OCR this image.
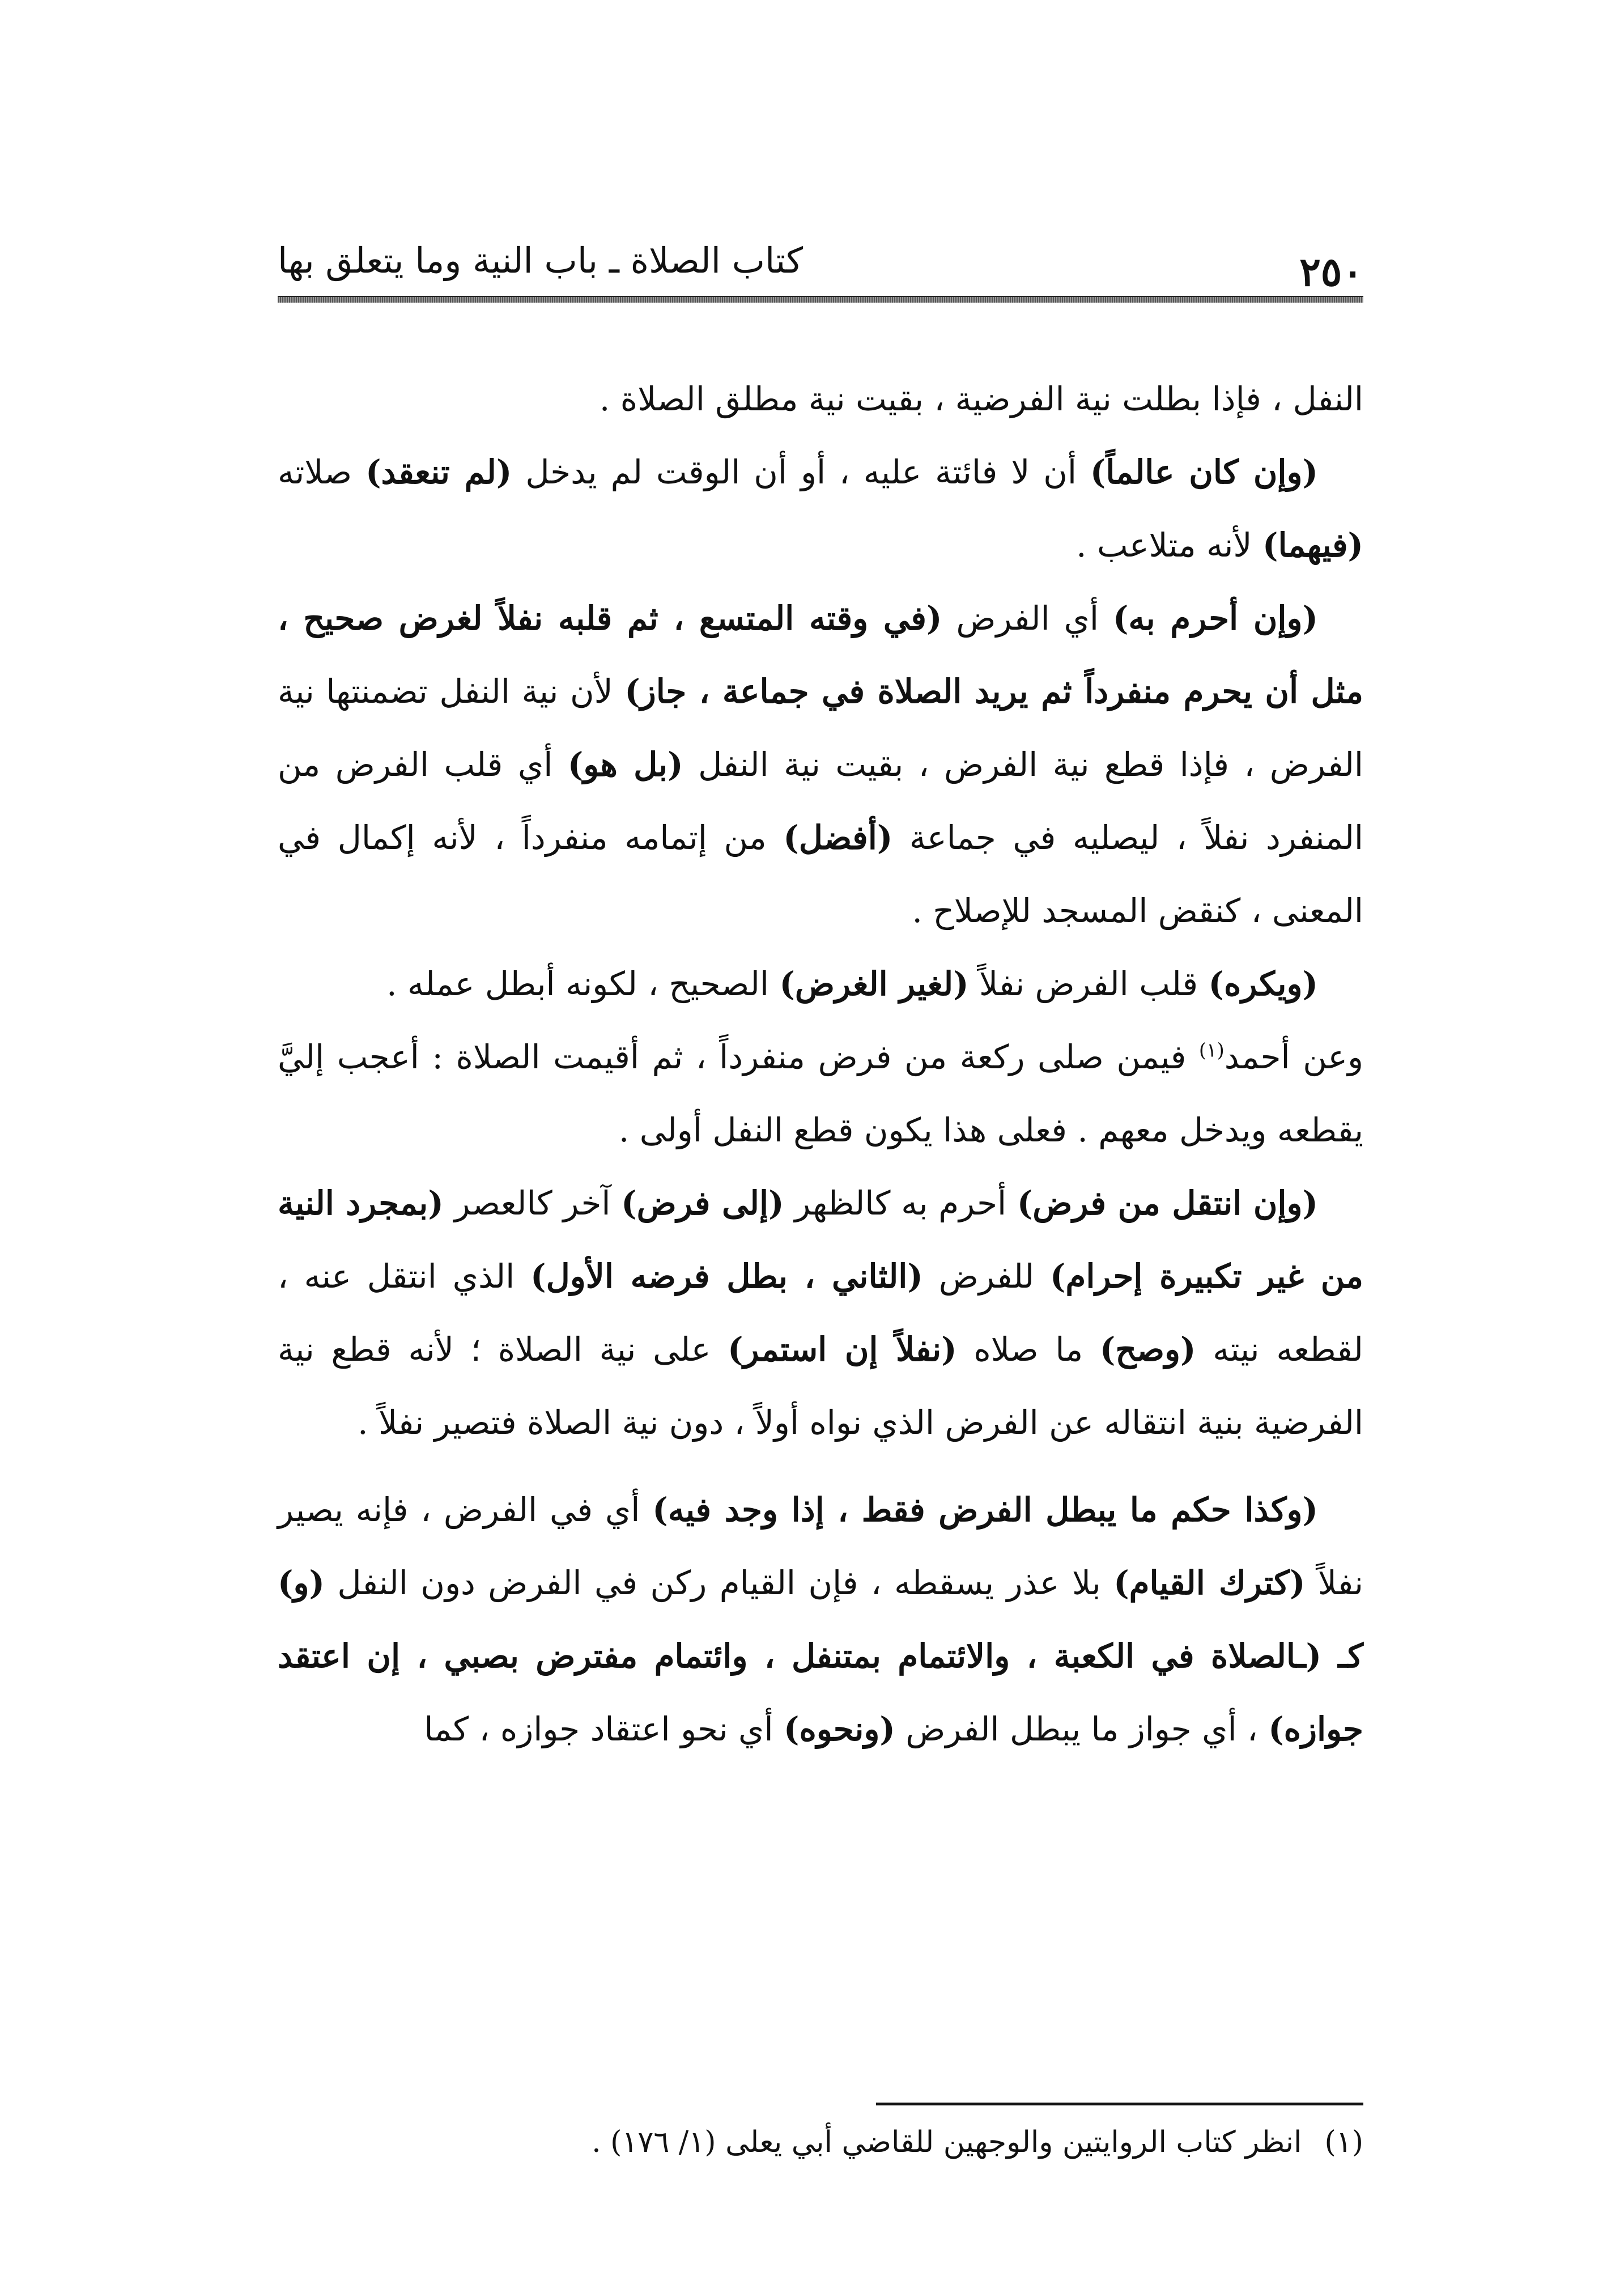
٢٥٠
كتاب الصلاة ـ باب النية وما يتعلق بها

النفل ، فإذا بطلت نية الفرضية ، بقيت نية مطلق الصلاة .

(وإن كان عالماً) أن لا فائتة عليه ، أو أن الوقت لم يدخل (لم تنعقد) صلاته (فيهما) لأنه متلاعب .

(وإن أحرم به) أي الفرض (في وقته المتسع ، ثم قلبه نفلاً لغرض صحيح ، مثل أن يحرم منفرداً ثم يريد الصلاة في جماعة ، جاز) لأن نية النفل تضمنتها نية الفرض ، فإذا قطع نية الفرض ، بقيت نية النفل (بل هو) أي قلب الفرض من المنفرد نفلاً ، ليصليه في جماعة (أفضل) من إتمامه منفرداً ، لأنه إكمال في المعنى ، كنقض المسجد للإصلاح .

(ويكره) قلب الفرض نفلاً (لغير الغرض) الصحيح ، لكونه أبطل عمله .

وعن أحمد$^{(١)}$ فيمن صلى ركعة من فرض منفرداً ، ثم أقيمت الصلاة : أعجب إليَّ يقطعه ويدخل معهم . فعلى هذا يكون قطع النفل أولى .

(وإن انتقل من فرض) أحرم به كالظهر (إلى فرض) آخر كالعصر (بمجرد النية من غير تكبيرة إحرام) للفرض (الثاني ، بطل فرضه الأول) الذي انتقل عنه ، لقطعه نيته (وصح) ما صلاه (نفلاً إن استمر) على نية الصلاة ؛ لأنه قطع نية الفرضية بنية انتقاله عن الفرض الذي نواه أولاً ، دون نية الصلاة فتصير نفلاً .

(وكذا حكم ما يبطل الفرض فقط ، إذا وجد فيه) أي في الفرض ، فإنه يصير نفلاً (كترك القيام) بلا عذر يسقطه ، فإن القيام ركن في الفرض دون النفل (و) كـ (ـالصلاة في الكعبة ، والائتمام بمتنفل ، وائتمام مفترض بصبي ، إن اعتقد جوازه) ، أي جواز ما يبطل الفرض (ونحوه) أي نحو اعتقاد جوازه ، كما

(١)انظر كتاب الروايتين والوجهين للقاضي أبي يعلى (١/ ١٧٦) .
